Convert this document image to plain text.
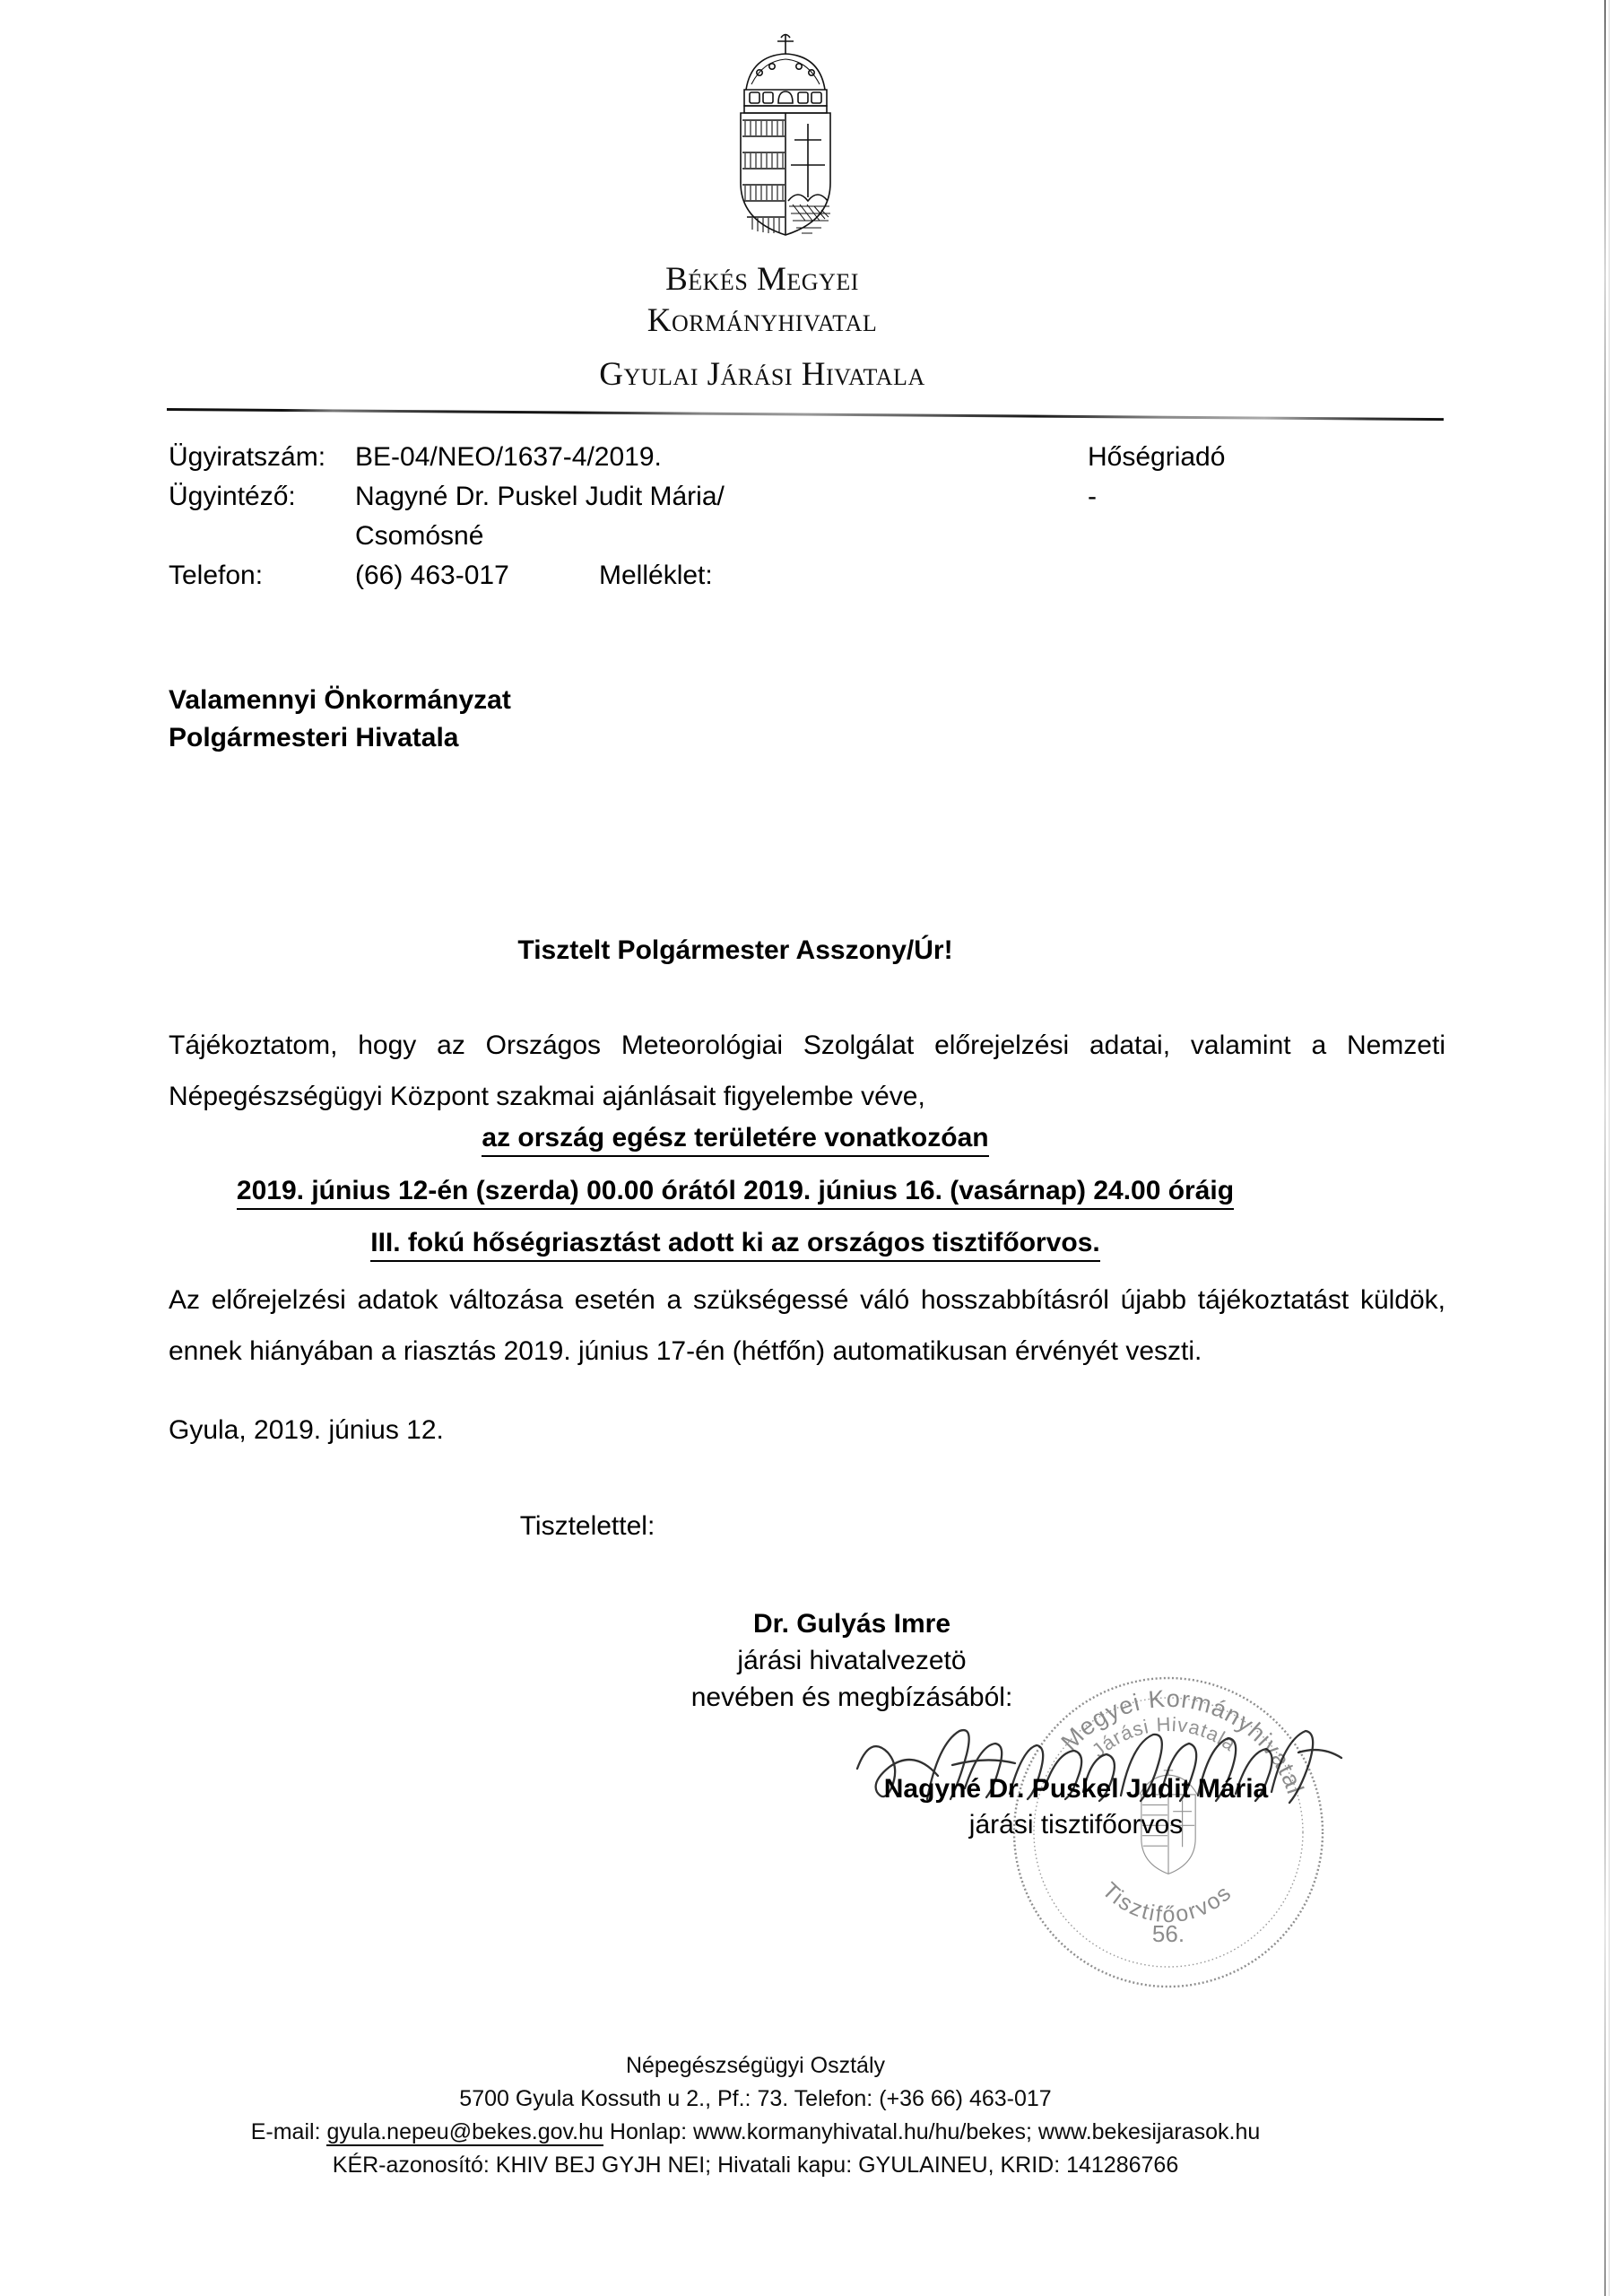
Békés Megyei
Kormányhivatal
Gyulai Járási Hivatala
Ügyiratszám: BE-04/NEO/1637-4/2019.	Hőségriadó
Ügyintéző: Nagyné Dr. Puskel Judit Mária/	-
Csomósné
Telefon:	(66) 463-017	Melléklet:
Valamennyi Önkormányzat
Polgármesteri Hivatala
Tisztelt Polgármester Asszony/Úr!
Tájékoztatom, hogy az Országos Meteorológiai Szolgálat előrejelzési adatai, valamint a Nemzeti Népegészségügyi Központ szakmai ajánlásait figyelembe véve,
az ország egész területére vonatkozóan
2019. június 12-én (szerda) 00.00 órától 2019. június 16. (vasárnap) 24.00 óráig
III. fokú hőségriasztást adott ki az országos tisztifőorvos.
Az előrejelzési adatok változása esetén a szükségessé váló hosszabbításról újabb tájékoztatást küldök, ennek hiányában a riasztás 2019. június 17-én (hétfőn) automatikusan érvényét veszti.
Gyula, 2019. június 12.
Tisztelettel:
Dr. Gulyás Imre
járási hivatalvezetö
nevében és megbízásából:
Megyei Kormányhivatal
Járási Hivatala
Tisztifőorvos
56.
Nagyné Dr. Puskel Judit Mária
járási tisztifőorvos
Népegészségügyi Osztály
5700 Gyula Kossuth u 2., Pf.: 73. Telefon: (+36 66) 463-017
E-mail: gyula.nepeu@bekes.gov.hu Honlap: www.kormanyhivatal.hu/hu/bekes; www.bekesijarasok.hu
KÉR-azonosító: KHIV BEJ GYJH NEI; Hivatali kapu: GYULAINEU, KRID: 141286766
